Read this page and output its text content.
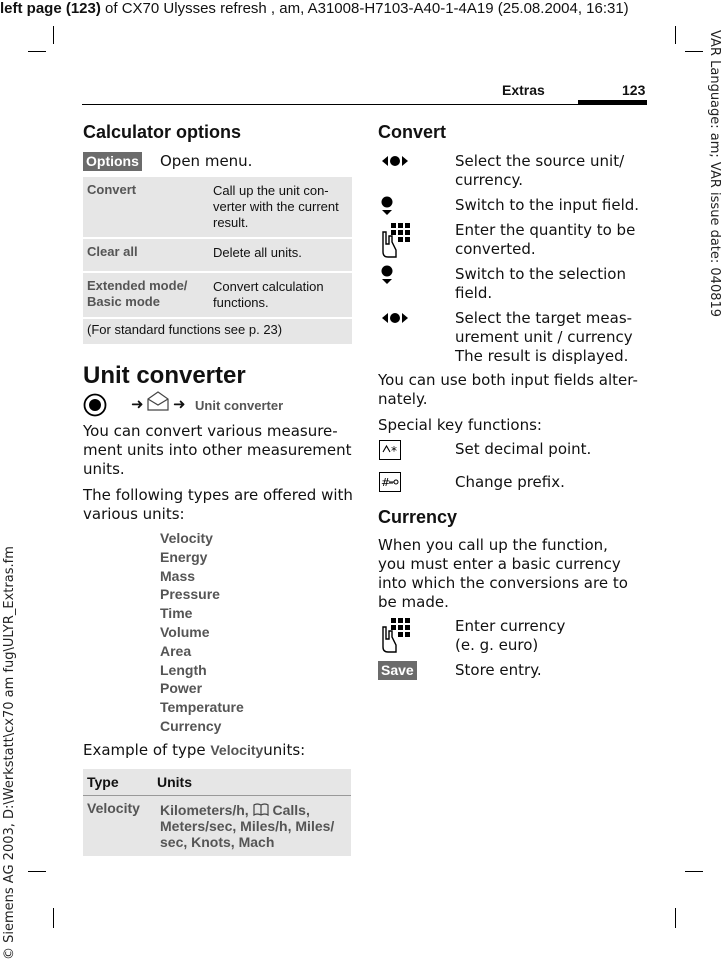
left page (123) of CX70 Ulysses refresh , am, A31008-H7103-A40-1-4A19 (25.08.2004, 16:31)
VAR Language: am; VAR issue date: 040819
© Siemens AG 2003, D:\Werkstatt\cx70 am fug\ULYR_Extras.fm
Extras	123
Calculator options
Options Open menu.
Convert	Call up the unit con-verter with the current result.
Clear all	Delete all units.
Extended mode/ Basic mode	Convert calculation functions.
(For standard functions see p. 23)	
Unit converter
➜ ➜ Unit converter
You can convert various measure-ment units into other measurement units.
The following types are offered with various units:
Velocity
Energy
Mass
Pressure
Time
Volume
Area
Length
Power
Temperature
Currency
Example of type Velocityunits:
Type	Units
Velocity Kilometers/h,  Calls, Meters/sec, Miles/h, Miles/ sec, Knots, Mach
Convert
Select the source unit/ currency.
Switch to the input field.
Enter the quantity to be converted.
Switch to the selection field.
Select the target meas-urement unit / currency The result is displayed.
You can use both input fields alter-nately.
Special key functions:
*	Set decimal point.
#	Change prefix.
Currency
When you call up the function, you must enter a basic currency into which the conversions are to be made.
Enter currency (e. g. euro)
Save	Store entry.
